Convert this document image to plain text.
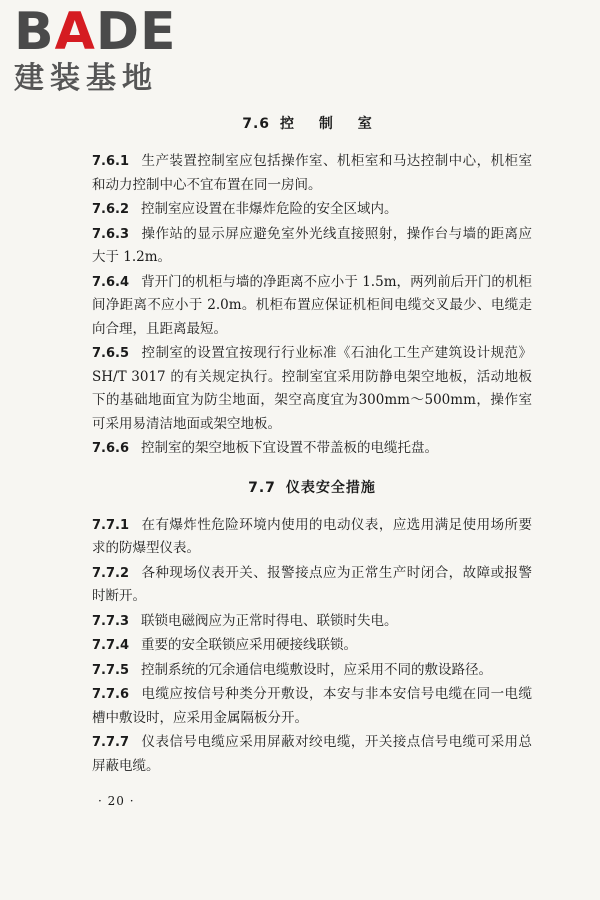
BADE
建装基地
7.6 控 制 室
7.6.1 生产装置控制室应包括操作室、机柜室和马达控制中心，机柜室和动力控制中心不宜布置在同一房间。
7.6.2 控制室应设置在非爆炸危险的安全区域内。
7.6.3 操作站的显示屏应避免室外光线直接照射，操作台与墙的距离应大于 1.2m。
7.6.4 背开门的机柜与墙的净距离不应小于 1.5m，两列前后开门的机柜间净距离不应小于 2.0m。机柜布置应保证机柜间电缆交叉最少、电缆走向合理，且距离最短。
7.6.5 控制室的设置宜按现行行业标准《石油化工生产建筑设计规范》SH/T 3017 的有关规定执行。控制室宜采用防静电架空地板，活动地板下的基础地面宜为防尘地面，架空高度宜为300mm～500mm，操作室可采用易清洁地面或架空地板。
7.6.6 控制室的架空地板下宜设置不带盖板的电缆托盘。
7.7 仪表安全措施
7.7.1 在有爆炸性危险环境内使用的电动仪表，应选用满足使用场所要求的防爆型仪表。
7.7.2 各种现场仪表开关、报警接点应为正常生产时闭合，故障或报警时断开。
7.7.3 联锁电磁阀应为正常时得电、联锁时失电。
7.7.4 重要的安全联锁应采用硬接线联锁。
7.7.5 控制系统的冗余通信电缆敷设时，应采用不同的敷设路径。
7.7.6 电缆应按信号种类分开敷设，本安与非本安信号电缆在同一电缆槽中敷设时，应采用金属隔板分开。
7.7.7 仪表信号电缆应采用屏蔽对绞电缆，开关接点信号电缆可采用总屏蔽电缆。
· 20 ·
